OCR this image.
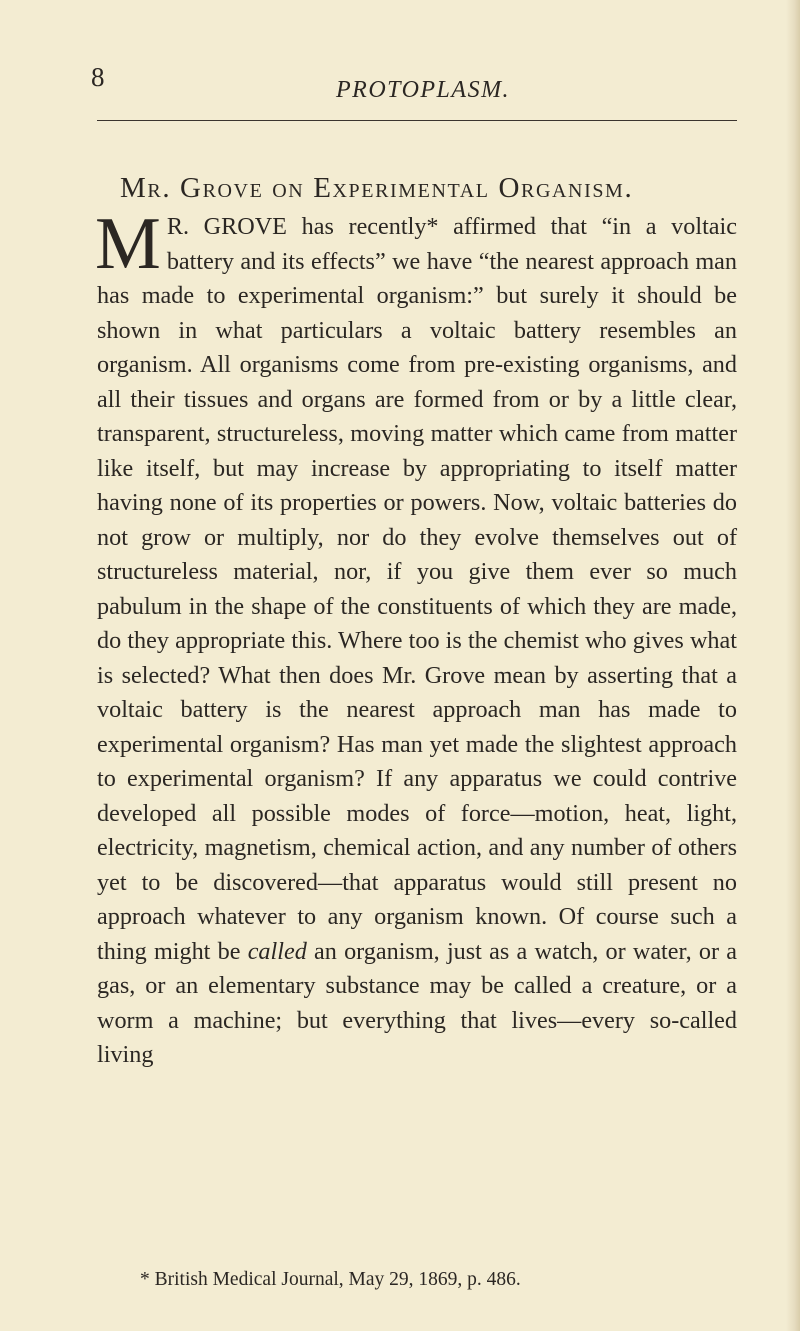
8	PROTOPLASM.
Mr. Grove on Experimental Organism.

M R. GROVE has recently* affirmed that “in a voltaic battery and its effects” we have “the nearest approach man has made to experimental organism:” but surely it should be shown in what particulars a voltaic battery resembles an organism. All organisms come from pre-existing organisms, and all their tissues and organs are formed from or by a little clear, transparent, structureless, moving matter which came from matter like itself, but may increase by appropriating to itself matter having none of its properties or powers. Now, voltaic batteries do not grow or multiply, nor do they evolve themselves out of structureless material, nor, if you give them ever so much pabulum in the shape of the constituents of which they are made, do they appropriate this. Where too is the chemist who gives what is selected? What then does Mr. Grove mean by asserting that a voltaic battery is the nearest approach man has made to experimental organism? Has man yet made the slightest approach to experimental organism? If any apparatus we could contrive developed all possible modes of force—motion, heat, light, electricity, magnetism, chemical action, and any number of others yet to be discovered—that apparatus would still present no approach whatever to any organism known. Of course such a thing might be called an organism, just as a watch, or water, or a gas, or an elementary substance may be called a creature, or a worm a machine; but everything that lives—every so-called living

* British Medical Journal, May 29, 1869, p. 486.
